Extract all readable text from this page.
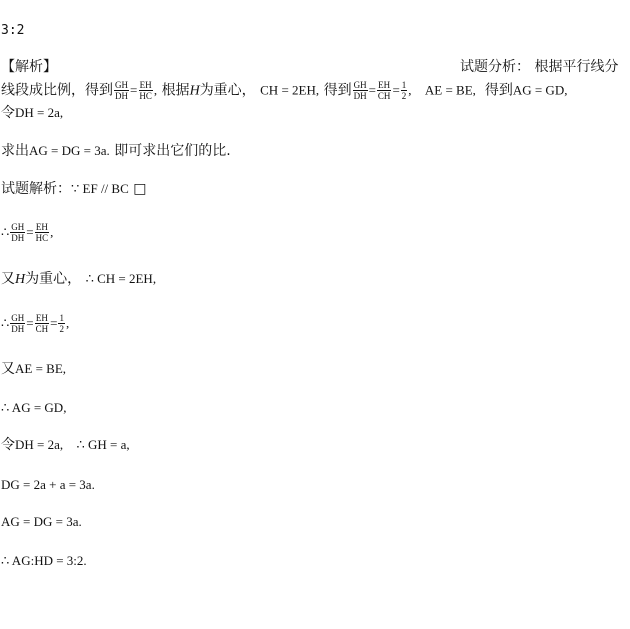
3:2
【解析】	试题分析： 根据平行线分
线段成比例，得到 $\frac{GH}{DH} = \frac{EH}{HC}$ , 根据H为重心， CH = 2EH, 得到 $\frac{GH}{DH} = \frac{EH}{CH} = \frac{1}{2}$ , AE = BE, 得到AG = GD,
令DH = 2a,
求出AG = DG = 3a. 即可求出它们的比.
试题解析：∵ EF // BC □
∴ $\frac{GH}{DH} = \frac{EH}{HC}$ ,
又H为重心， ∴ CH = 2EH,
∴ $\frac{GH}{DH} = \frac{EH}{CH} = \frac{1}{2}$ ,
又AE = BE,
∴ AG = GD,
令DH = 2a, ∴ GH = a,
DG = 2a + a = 3a.
AG = DG = 3a.
∴ AG:HD = 3:2.
